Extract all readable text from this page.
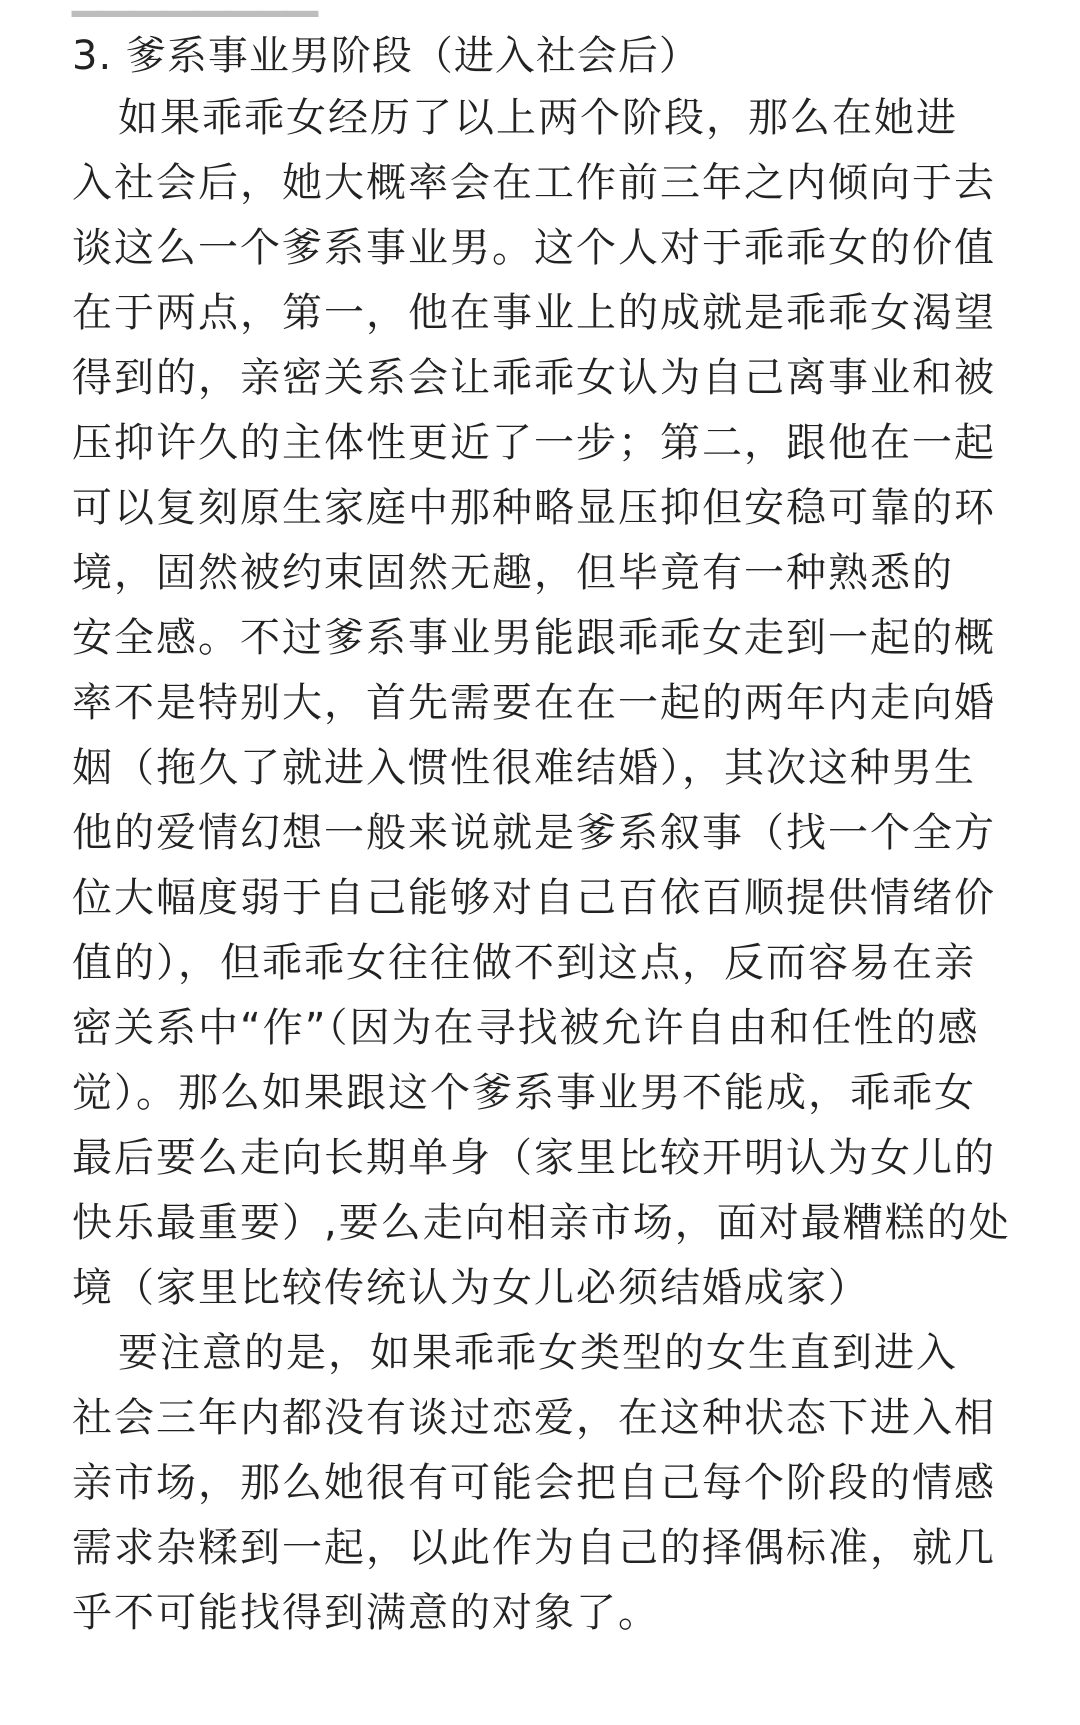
3. 爹系事业男阶段（进入社会后）
如果乖乖女经历了以上两个阶段，那么在她进
入社会后，她大概率会在工作前三年之内倾向于去
谈这么一个爹系事业男。这个人对于乖乖女的价值
在于两点，第一，他在事业上的成就是乖乖女渴望
得到的，亲密关系会让乖乖女认为自己离事业和被
压抑许久的主体性更近了一步；第二，跟他在一起
可以复刻原生家庭中那种略显压抑但安稳可靠的环
境，固然被约束固然无趣，但毕竟有一种熟悉的
安全感。不过爹系事业男能跟乖乖女走到一起的概
率不是特别大，首先需要在在一起的两年内走向婚
姻（拖久了就进入惯性很难结婚），其次这种男生
他的爱情幻想一般来说就是爹系叙事（找一个全方
位大幅度弱于自己能够对自己百依百顺提供情绪价
值的），但乖乖女往往做不到这点，反而容易在亲
密关系中“作”（因为在寻找被允许自由和任性的感
觉）。那么如果跟这个爹系事业男不能成，乖乖女
最后要么走向长期单身（家里比较开明认为女儿的
快乐最重要）,要么走向相亲市场，面对最糟糕的处
境（家里比较传统认为女儿必须结婚成家）
要注意的是，如果乖乖女类型的女生直到进入
社会三年内都没有谈过恋爱，在这种状态下进入相
亲市场，那么她很有可能会把自己每个阶段的情感
需求杂糅到一起，以此作为自己的择偶标准，就几
乎不可能找得到满意的对象了。
